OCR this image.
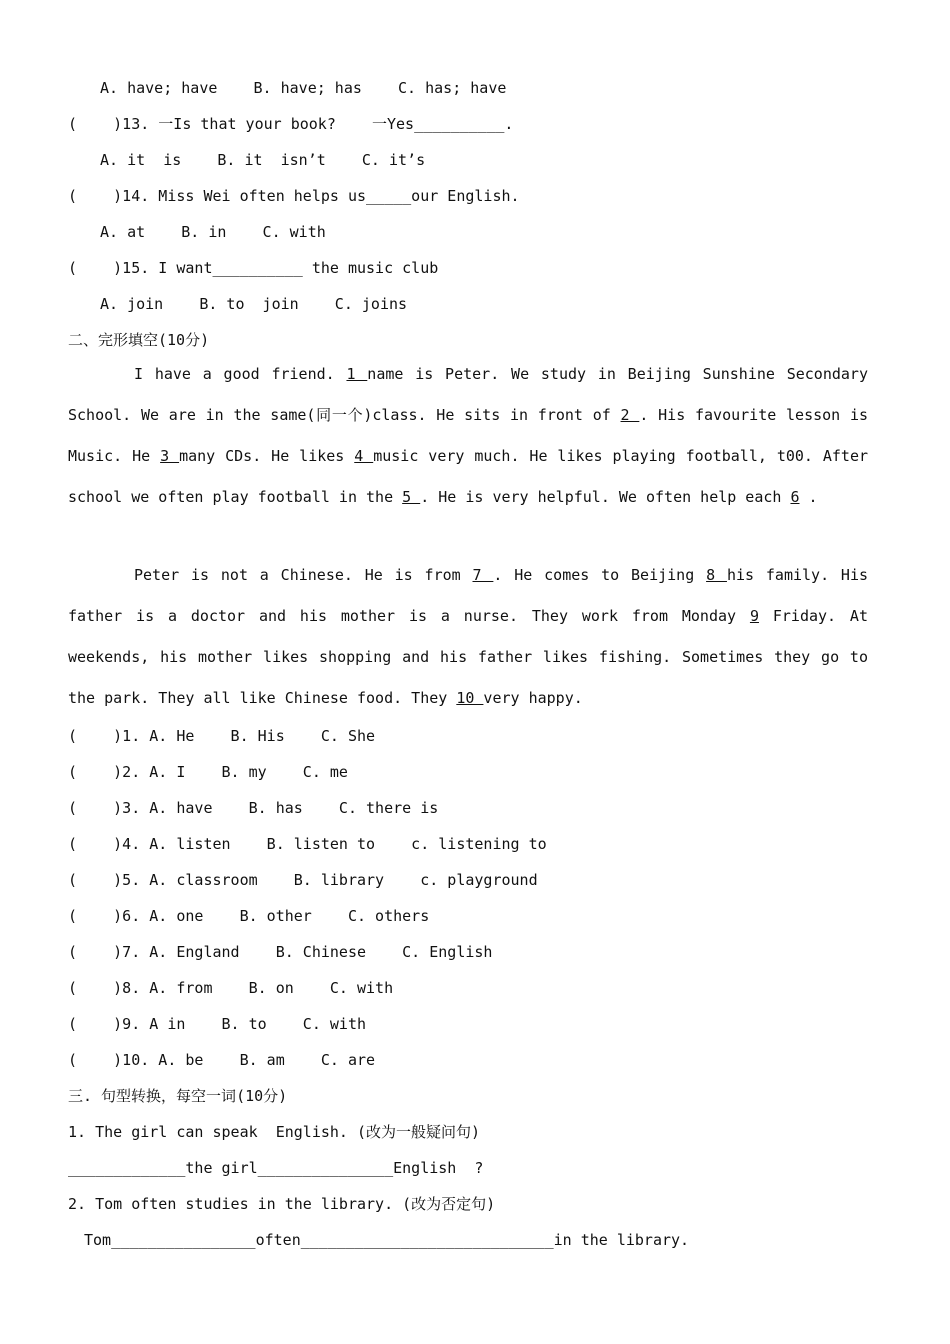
A. have; have    B. have; has    C. has; have
(    )13. 一Is that your book?    一Yes__________.
A. it  is    B. it  isn’t    C. it’s
(    )14. Miss Wei often helps us_____our English.
A. at    B. in    C. with
(    )15. I want__________ the music club
A. join    B. to  join    C. joins
二、完形填空(10分)
I have a good friend. 1 name is Peter. We study in Beijing Sunshine Secondary School. We are in the same(同一个)class. He sits in front of 2 . His favourite lesson is Music. He 3 many CDs. He likes 4 music very much. He likes playing football, t00. After school we often play football in the 5 . He is very helpful. We often help each 6 .
Peter is not a Chinese. He is from 7 . He comes to Beijing 8 his family. His father is a doctor and his mother is a nurse. They work from Monday 9 Friday. At weekends, his mother likes shopping and his father likes fishing. Sometimes they go to the park. They all like Chinese food. They 10 very happy.
(    )1. A. He    B. His    C. She
(    )2. A. I    B. my    C. me
(    )3. A. have    B. has    C. there is
(    )4. A. listen    B. listen to    c. listening to
(    )5. A. classroom    B. library    c. playground
(    )6. A. one    B. other    C. others
(    )7. A. England    B. Chinese    C. English
(    )8. A. from    B. on    C. with
(    )9. A in    B. to    C. with
(    )10. A. be    B. am    C. are
三. 句型转换，每空一词(10分)
1. The girl can speak  English. (改为一般疑问句)
_____________the girl_______________English  ?
2. Tom often studies in the library. (改为否定句)
Tom________________often____________________________in the library.
